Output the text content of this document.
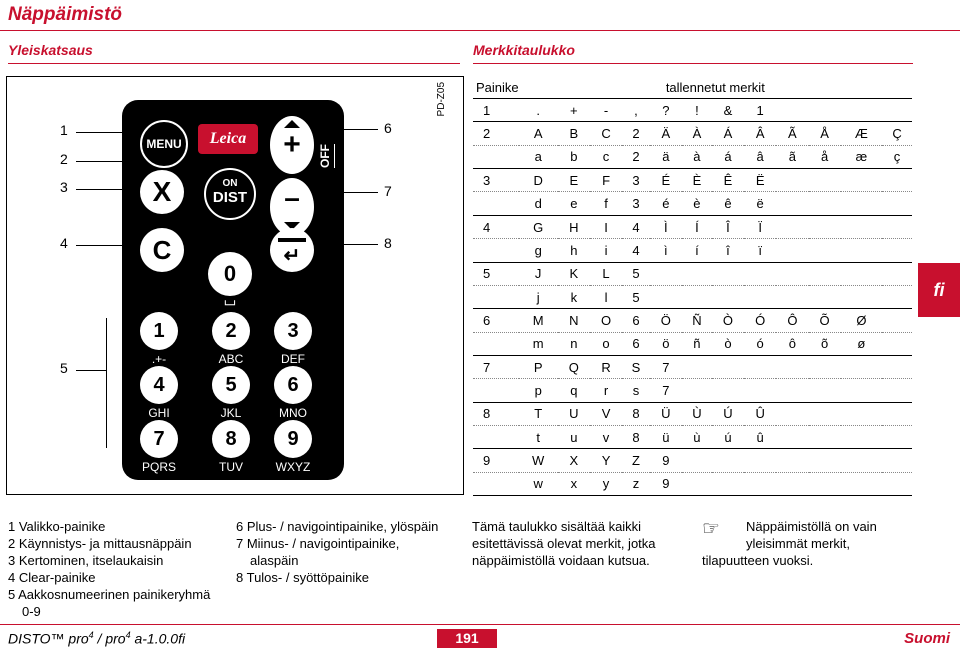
Näppäimistö
Yleiskatsaus	Merkkitaulukko
PD-Z05
1
2
3
4
5
6
7
8
MENU	Leica	+
X	ON
DIST	–
OFF
C	↵
0
⌴
1	2	3
.+-	ABC	DEF
4	5	6
GHI	JKL	MNO
7	8	9
PQRS	TUV	WXYZ
Painike	tallennetut merkit											
1	.	+	-	,	?	!	&	1				
2	A	B	C	2	Ä	À	Á	Â	Ã	Å	Æ	Ç
	a	b	c	2	ä	à	á	â	ã	å	æ	ç
3	D	E	F	3	É	È	Ê	Ë				
	d	e	f	3	é	è	ê	ë				
4	G	H	I	4	Ì	Í	Î	Ï				
	g	h	i	4	ì	í	î	ï				
5	J	K	L	5								
	j	k	l	5								
6	M	N	O	6	Ö	Ñ	Ò	Ó	Ô	Õ	Ø	
	m	n	o	6	ö	ñ	ò	ó	ô	õ	ø	
7	P	Q	R	S	7							
	p	q	r	s	7							
8	T	U	V	8	Ü	Ù	Ú	Û				
	t	u	v	8	ü	ù	ú	û				
9	W	X	Y	Z	9							
	w	x	y	z	9							
fi
1 Valikko-painike
2 Käynnistys- ja mittausnäppäin
3 Kertominen, itselaukaisin
4 Clear-painike
5 Aakkosnumeerinen painikeryhmä
0-9
6 Plus- / navigointipainike, ylöspäin
7 Miinus- / navigointipainike,
alaspäin
8 Tulos- / syöttöpainike
Tämä taulukko sisältää kaikki
esitettävissä olevat merkit, jotka
näppäimistöllä voidaan kutsua.
☞	Näppäimistöllä on vain
yleisimmät merkit,
tilapuutteen vuoksi.
DISTO™ pro$^4$ / pro$^4$ a-1.0.0fi	191	Suomi
